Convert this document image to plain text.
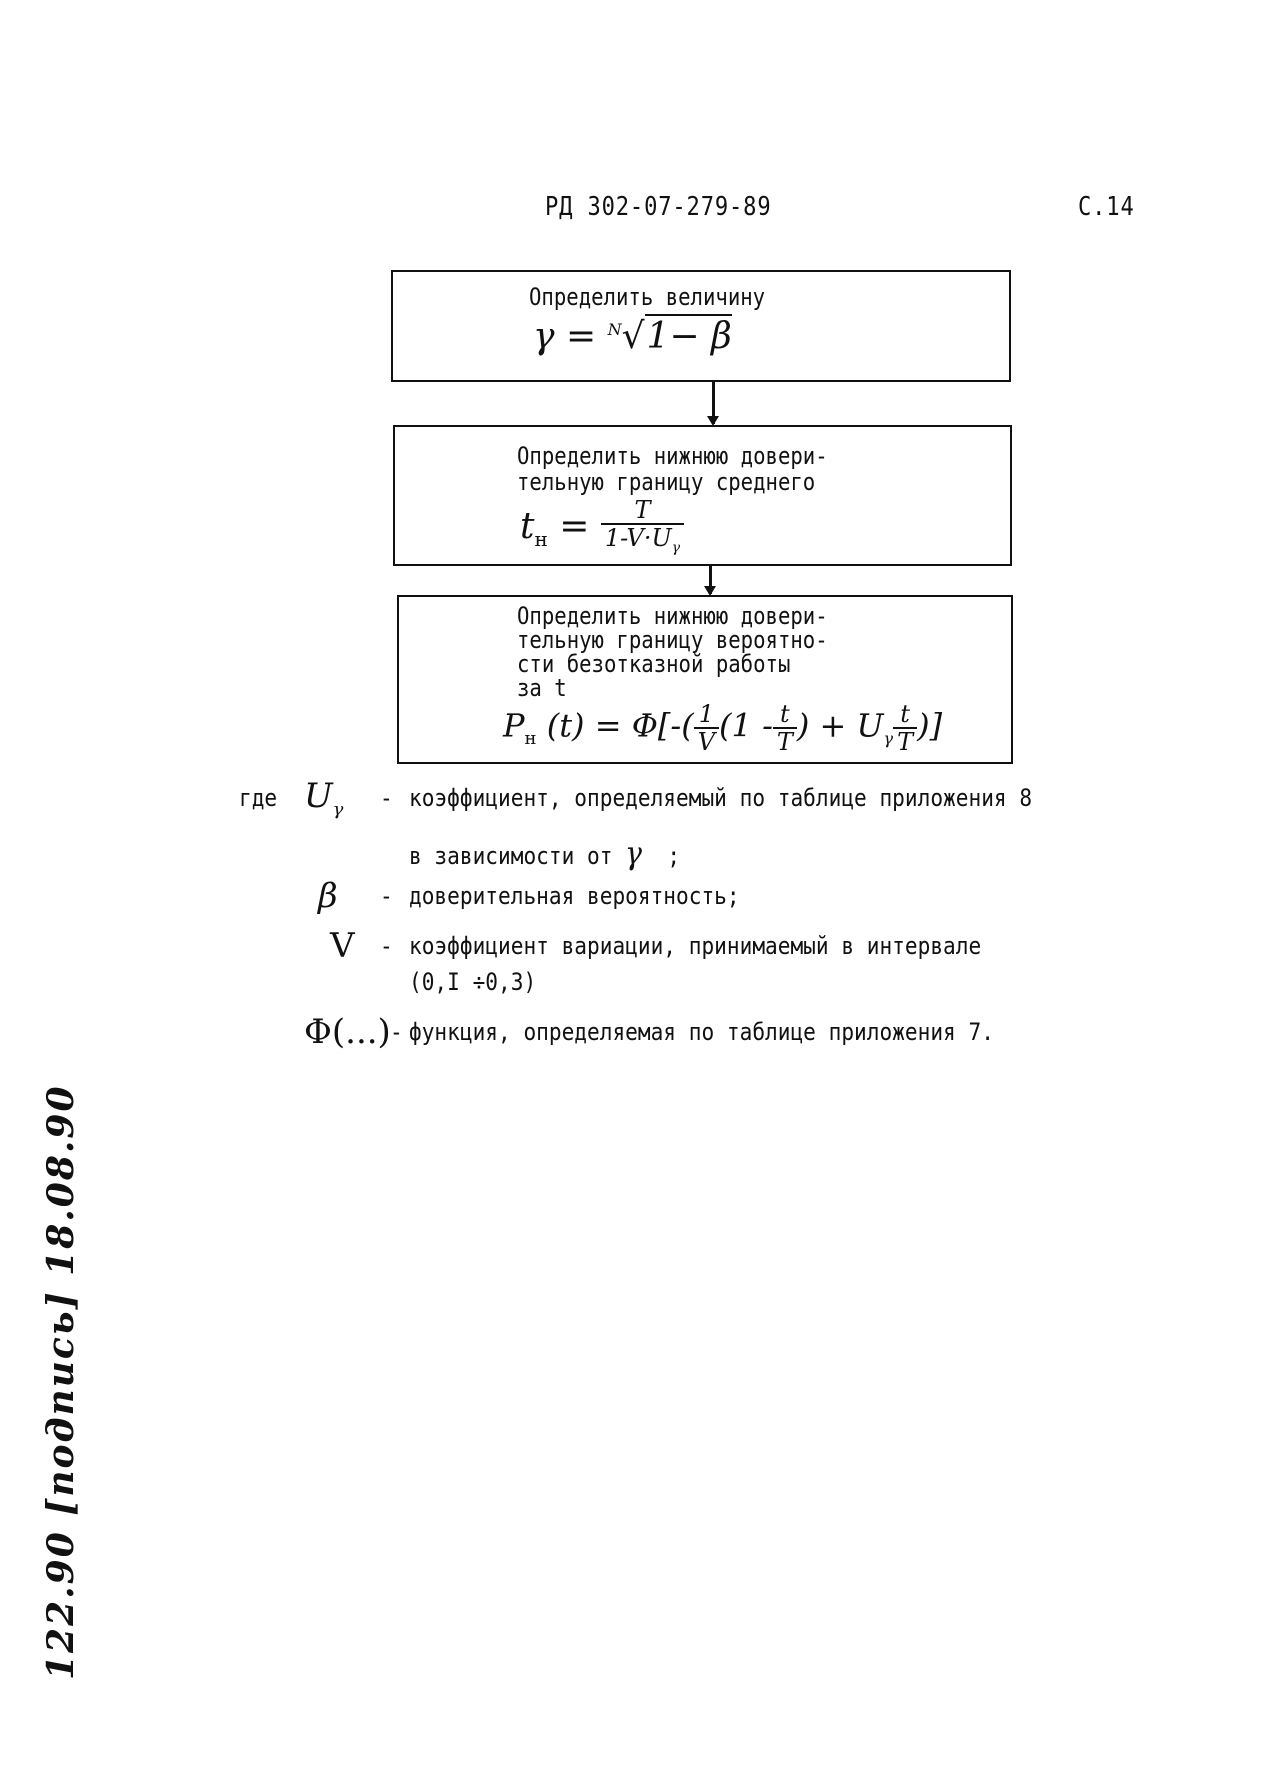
РД 302-07-279-89	С.14
Определить величину
γ = $^N$√1− β
Определить нижнюю довери-
тельную границу среднего
$t_н = \frac{T}{1-V\cdot U_\gamma}$
Определить нижнюю довери-
тельную границу вероятно-
сти безотказной работы
за t
$P_н$ $(t) = \Phi[-( \frac{1}{V} (1 - \frac{t}{T}$ ) + $U_\gamma \frac{t}{T}$ )]
где $U_\gamma$ - коэффициент, определяемый по таблице приложения 8
в зависимости от γ ;
β - доверительная вероятность;
V - коэффициент вариации, принимаемый в интервале
(0,I ÷0,3)
Φ(...) - функция, определяемая по таблице приложения 7.
122.90 [подпись] 18.08.90
